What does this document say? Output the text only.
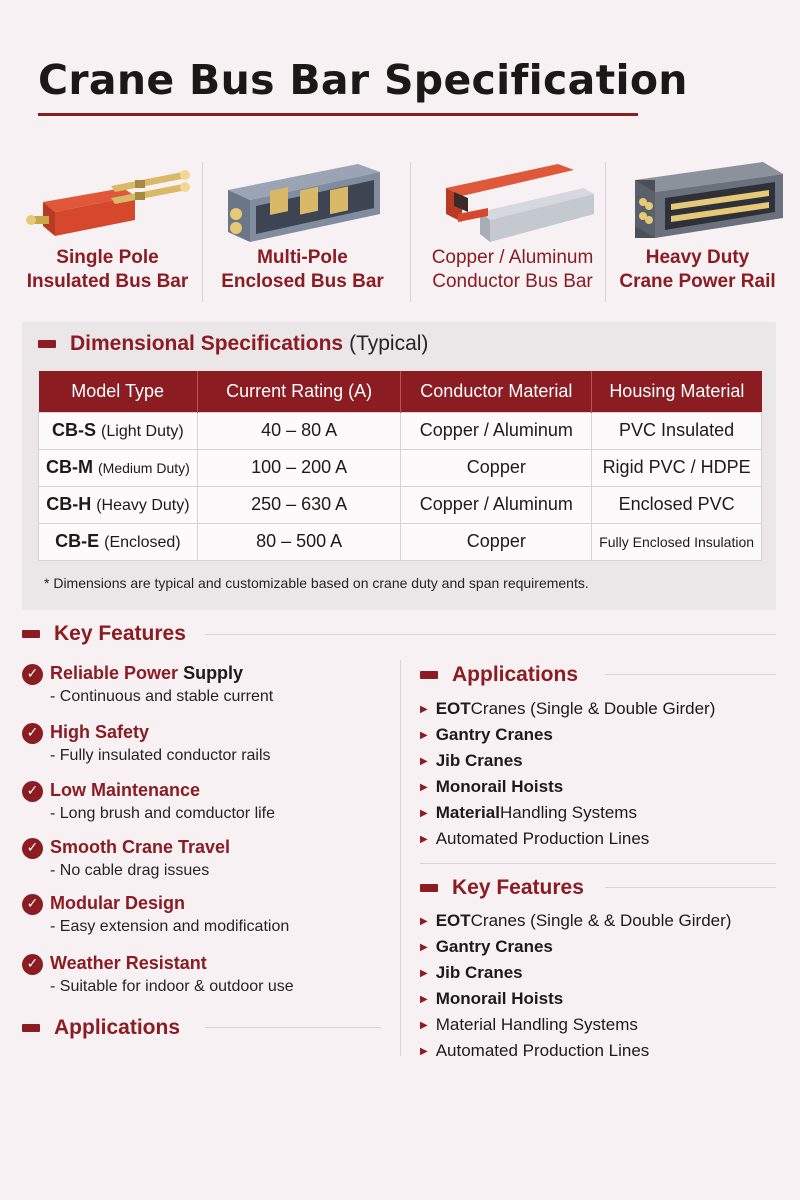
Crane Bus Bar Specification
Single Pole
Insulated Bus Bar
Multi-Pole
Enclosed Bus Bar
Copper / Aluminum
Conductor Bus Bar
Heavy Duty
Crane Power Rail
Dimensional Specifications (Typical)
Model Type	Current Rating (A)	Conductor Material	Housing Material
CB-S (Light Duty)	40 – 80 A	Copper / Aluminum	PVC Insulated
CB-M (Medium Duty)	100 – 200 A	Copper	Rigid PVC / HDPE
CB-H (Heavy Duty)	250 – 630 A	Copper / Aluminum	Enclosed PVC
CB-E (Enclosed)	80 – 500 A	Copper	Fully Enclosed Insulation
* Dimensions are typical and customizable based on crane duty and span requirements.
Key Features
✓ Reliable Power Supply
- Continuous and stable current
✓ High Safety
- Fully insulated conductor rails
✓ Low Maintenance
- Long brush and comductor life
✓ Smooth Crane Travel
- No cable drag issues
✓ Modular Design
- Easy extension and modification
✓ Weather Resistant
- Suitable for indoor & outdoor use
Applications
Applications
▶ EOT Cranes (Single & Double Girder)
▶ Gantry Cranes
▶ Jib Cranes
▶ Monorail Hoists
▶ Material Handling Systems
▶ Automated Production Lines
Key Features
▶ EOT Cranes (Single & & Double Girder)
▶ Gantry Cranes
▶ Jib Cranes
▶ Monorail Hoists
▶ Material Handling Systems
▶ Automated Production Lines
